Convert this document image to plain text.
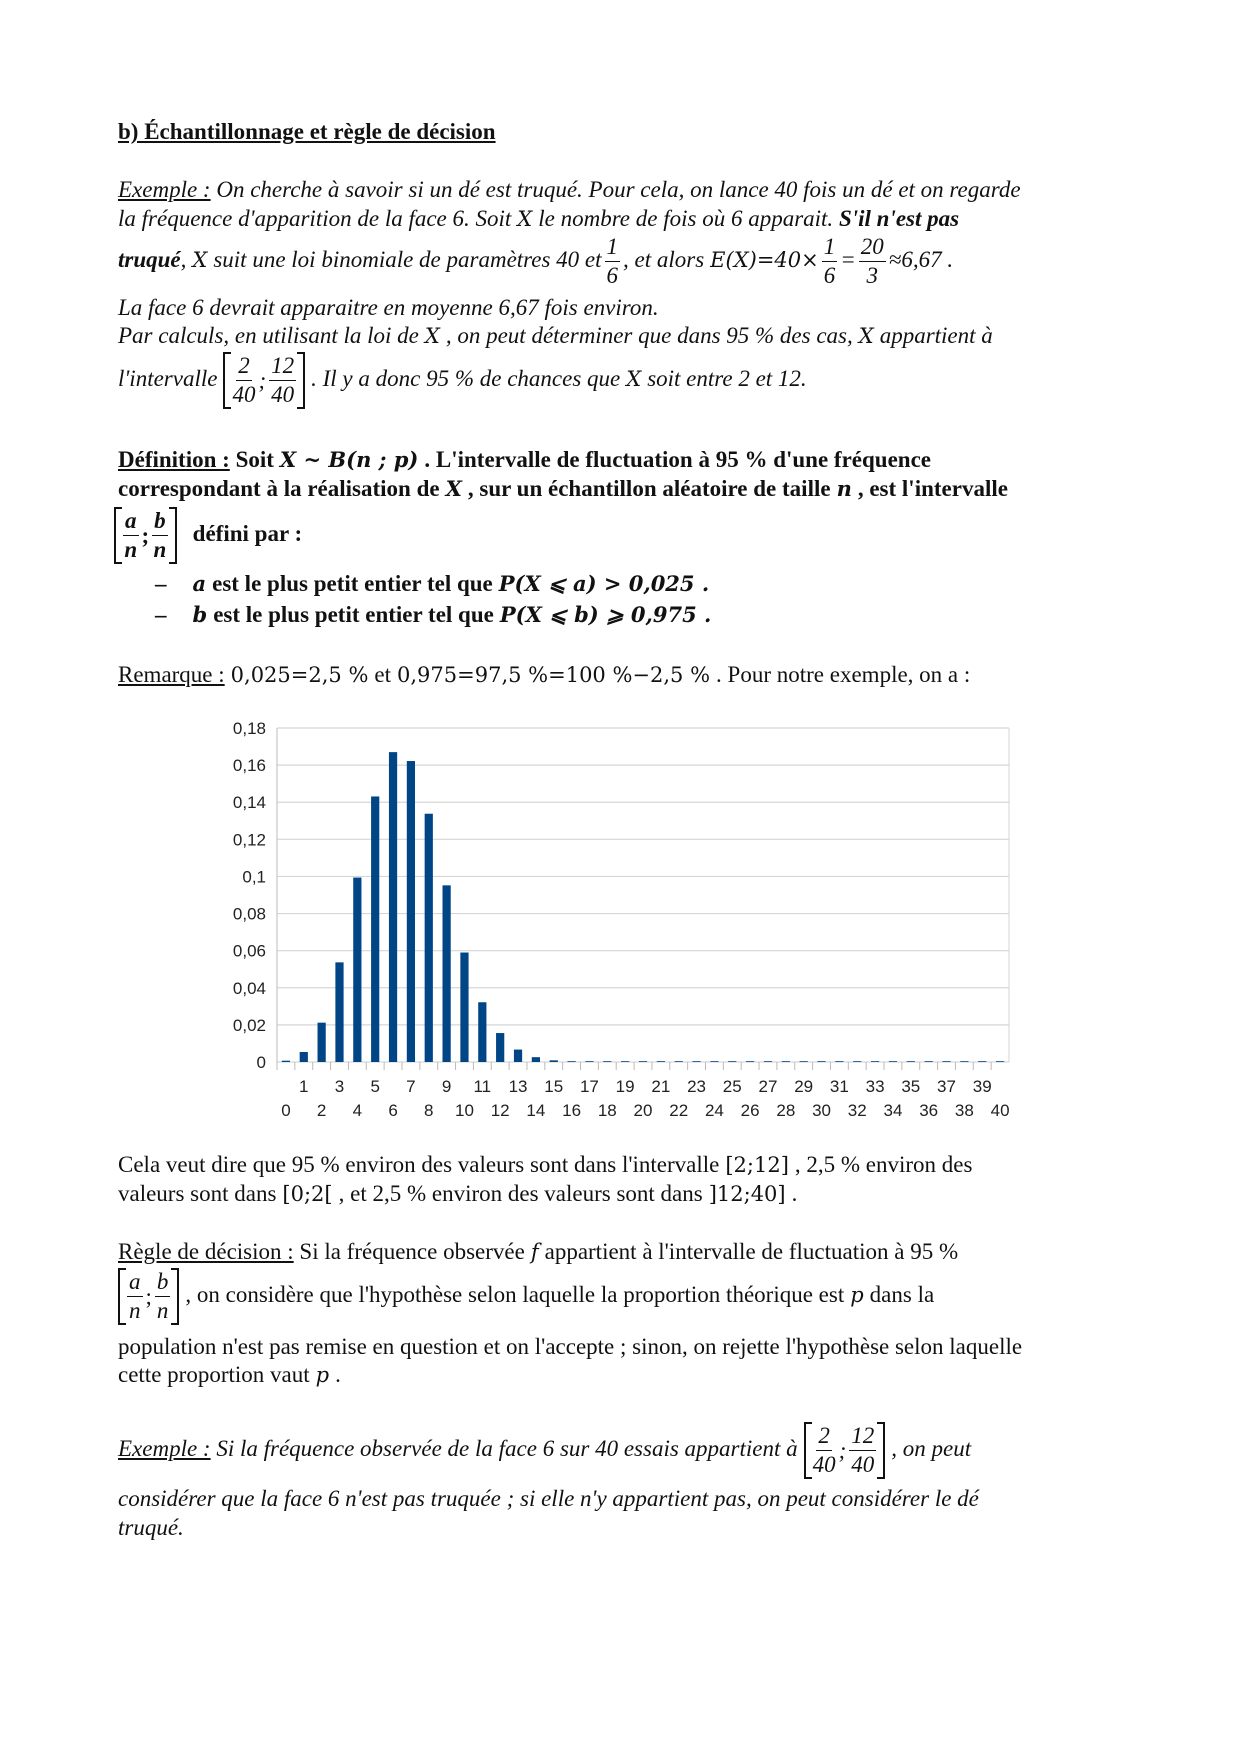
b) Échantillonnage et règle de décision
Exemple : On cherche à savoir si un dé est truqué. Pour cela, on lance 40 fois un dé et on regarde
la fréquence d'apparition de la face 6. Soit X le nombre de fois où 6 apparait. S'il n'est pas
truqué, X suit une loi binomiale de paramètres 40 et $\frac{1}{6}$ , et alors $E(X)=40\times \frac{1}{6} = \frac{20}{3} \approx 6,67$ .
La face 6 devrait apparaitre en moyenne 6,67 fois environ.
Par calculs, en utilisant la loi de X , on peut déterminer que dans 95 % des cas, X appartient à
l'intervalle $\frac{2}{40}$ ; $\frac{12}{40}$ . Il y a donc 95 % de chances que X soit entre 2 et 12.
Définition : Soit X ~ B(n ; p) . L'intervalle de fluctuation à 95 % d'une fréquence
correspondant à la réalisation de X , sur un échantillon aléatoire de taille n , est l'intervalle
$\frac{a}{n}$ ; $\frac{b}{n}$ défini par :
– a est le plus petit entier tel que P(X ⩽ a) > 0,025 .
– b est le plus petit entier tel que P(X ⩽ b) ⩾ 0,975 .
Remarque : 0,025=2,5 % et 0,975=97,5 %=100 %−2,5 % . Pour notre exemple, on a :
0
0,02
0,04
0,06
0,08
0,1
0,12
0,14
0,16
0,18
0
1
2
3
4
5
6
7
8
9
10
11
12
13
14
15
16
17
18
19
20
21
22
23
24
25
26
27
28
29
30
31
32
33
34
35
36
37
38
39
40
Cela veut dire que 95 % environ des valeurs sont dans l'intervalle [2;12] , 2,5 % environ des
valeurs sont dans [0;2[ , et 2,5 % environ des valeurs sont dans ]12;40] .
Règle de décision : Si la fréquence observée f appartient à l'intervalle de fluctuation à 95 %
$\frac{a}{n}$ ; $\frac{b}{n}$ , on considère que l'hypothèse selon laquelle la proportion théorique est p dans la
population n'est pas remise en question et on l'accepte ; sinon, on rejette l'hypothèse selon laquelle
cette proportion vaut p .
Exemple : Si la fréquence observée de la face 6 sur 40 essais appartient à $\frac{2}{40}$ ; $\frac{12}{40}$ , on peut
considérer que la face 6 n'est pas truquée ; si elle n'y appartient pas, on peut considérer le dé
truqué.
